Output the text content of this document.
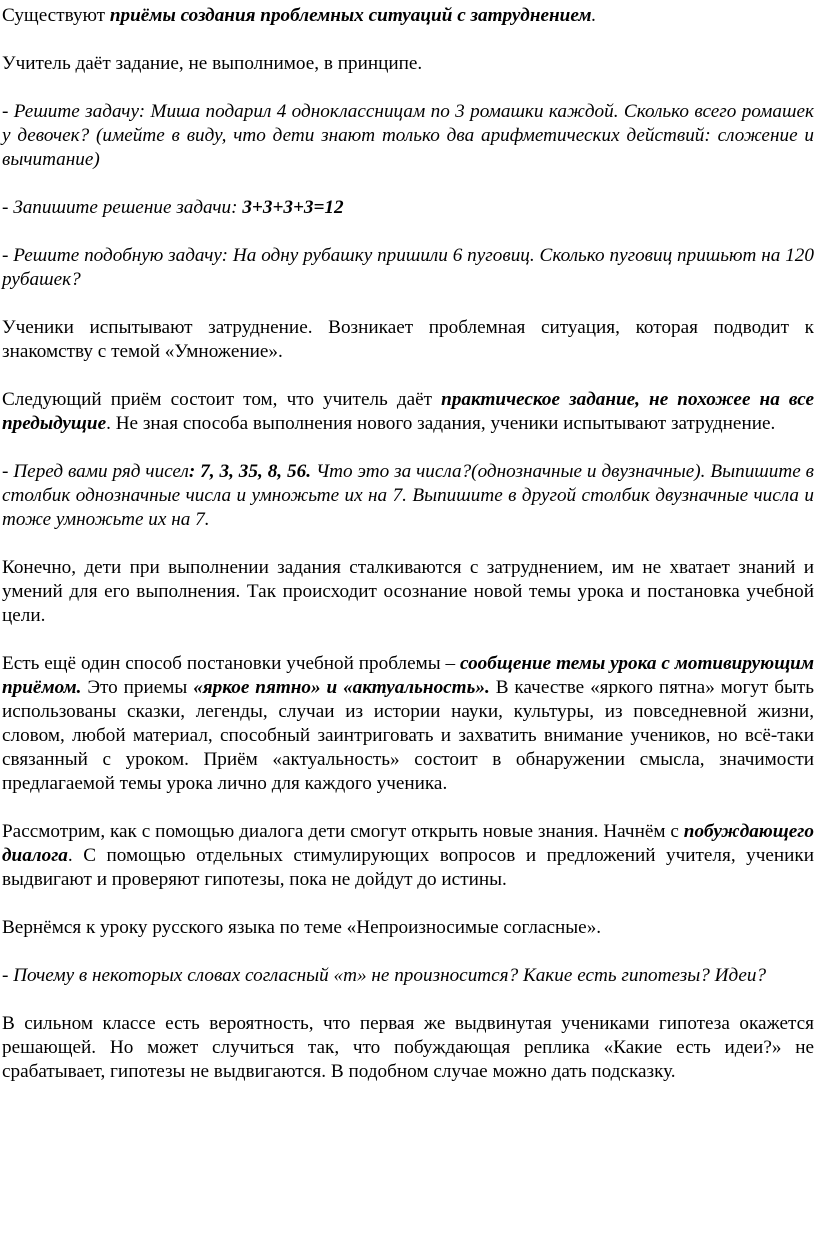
Существуют приёмы создания проблемных ситуаций с затруднением.

Учитель даёт задание, не выполнимое, в принципе.

- Решите задачу: Миша подарил 4 одноклассницам по 3 ромашки каждой. Сколько всего ромашек у девочек? (имейте в виду, что дети знают только два арифметических действий: сложение и вычитание)

- Запишите решение задачи: 3+3+3+3=12

- Решите подобную задачу: На одну рубашку пришили 6 пуговиц. Сколько пуговиц пришьют на 120 рубашек?

Ученики испытывают затруднение. Возникает проблемная ситуация, которая подводит к знакомству с темой «Умножение».

Следующий приём состоит том, что учитель даёт практическое задание, не похожее на все предыдущие. Не зная способа выполнения нового задания, ученики испытывают затруднение.

- Перед вами ряд чисел: 7, 3, 35, 8, 56. Что это за числа?(однозначные и двузначные). Выпишите в столбик однозначные числа и умножьте их на 7. Выпишите в другой столбик двузначные числа и тоже умножьте их на 7.

Конечно, дети при выполнении задания сталкиваются с затруднением, им не хватает знаний и умений для его выполнения. Так происходит осознание новой темы урока и постановка учебной цели.

Есть ещё один способ постановки учебной проблемы – сообщение темы урока с мотивирующим приёмом. Это приемы «яркое пятно» и «актуальность». В качестве «яркого пятна» могут быть использованы сказки, легенды, случаи из истории науки, культуры, из повседневной жизни, словом, любой материал, способный заинтриговать и захватить внимание учеников, но всё-таки связанный с уроком. Приём «актуальность» состоит в обнаружении смысла, значимости предлагаемой темы урока лично для каждого ученика.

Рассмотрим, как с помощью диалога дети смогут открыть новые знания. Начнём с побуждающего диалога. С помощью отдельных стимулирующих вопросов и предложений учителя, ученики выдвигают и проверяют гипотезы, пока не дойдут до истины.

Вернёмся к уроку русского языка по теме «Непроизносимые согласные».

- Почему в некоторых словах согласный «т» не произносится? Какие есть гипотезы? Идеи?

В сильном классе есть вероятность, что первая же выдвинутая учениками гипотеза окажется решающей. Но может случиться так, что побуждающая реплика «Какие есть идеи?» не срабатывает, гипотезы не выдвигаются. В подобном случае можно дать подсказку.
